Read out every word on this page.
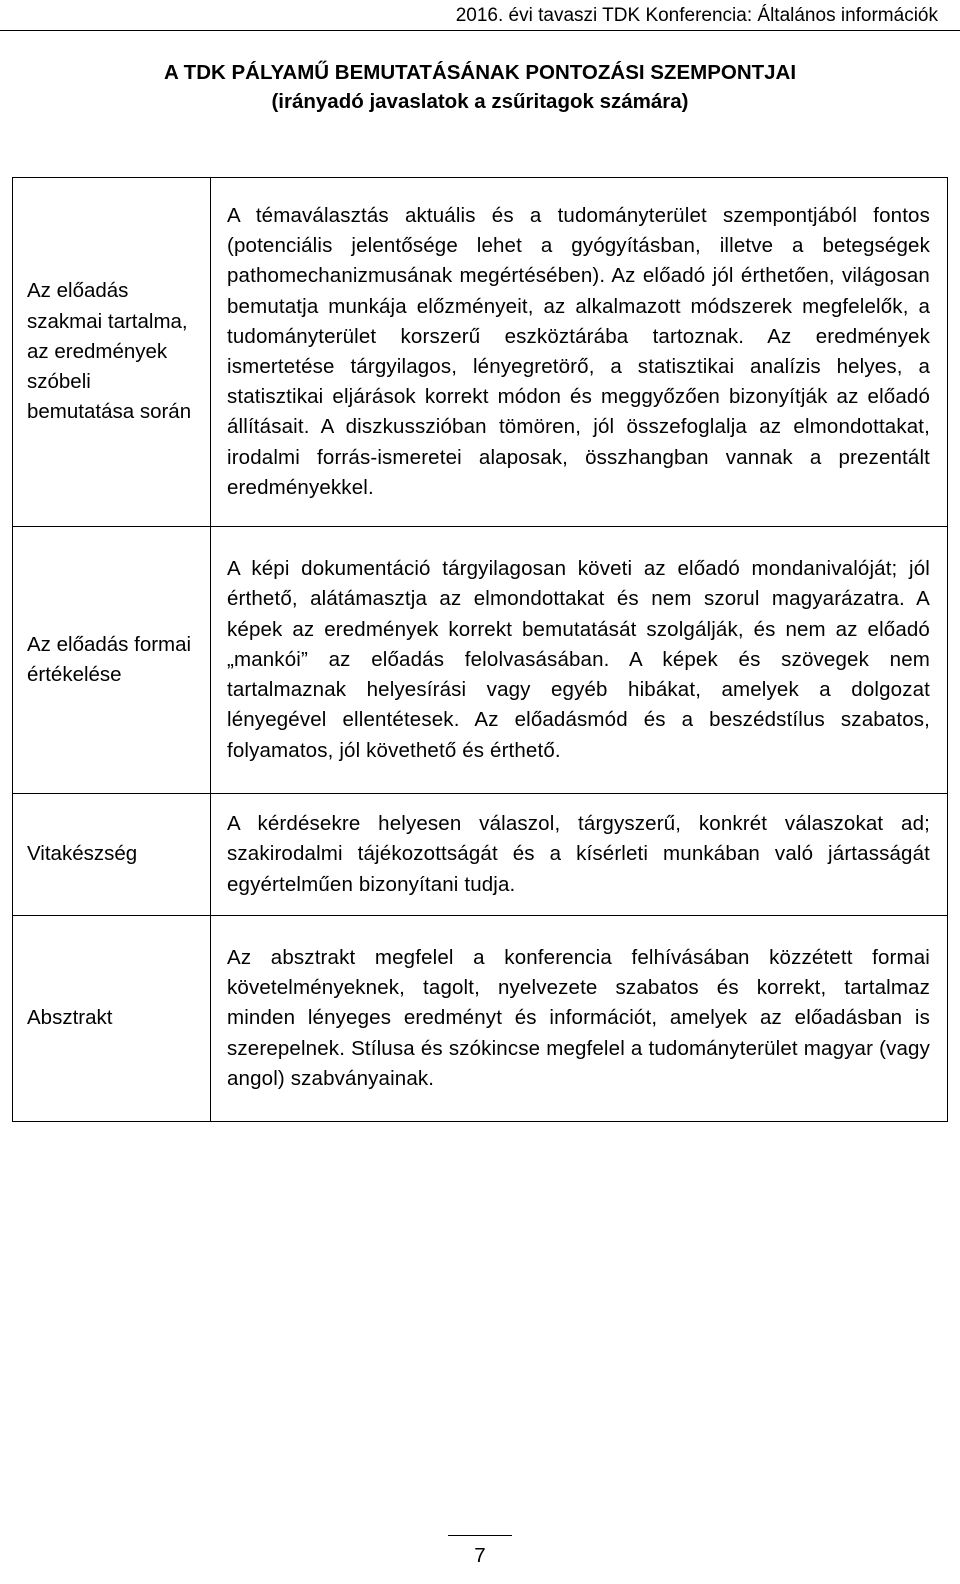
2016. évi tavaszi TDK Konferencia: Általános információk
A TDK PÁLYAMŰ BEMUTATÁSÁNAK PONTOZÁSI SZEMPONTJAI
(irányadó javaslatok a zsűritagok számára)
Az előadás szakmai tartalma, az eredmények szóbeli bemutatása során	A témaválasztás aktuális és a tudományterület szempontjából fontos (potenciális jelentősége lehet a gyógyításban, illetve a betegségek pathomechanizmusának megértésében). Az előadó jól érthetően, világosan bemutatja munkája előzményeit, az alkalmazott módszerek megfelelők, a tudományterület korszerű eszköztárába tartoznak. Az eredmények ismertetése tárgyilagos, lényegretörő, a statisztikai analízis helyes, a statisztikai eljárások korrekt módon és meggyőzően bizonyítják az előadó állításait. A diszkusszióban tömören, jól összefoglalja az elmondottakat, irodalmi forrás-ismeretei alaposak, összhangban vannak a prezentált eredményekkel.
Az előadás formai értékelése	A képi dokumentáció tárgyilagosan követi az előadó mondanivalóját; jól érthető, alátámasztja az elmondottakat és nem szorul magyarázatra. A képek az eredmények korrekt bemutatását szolgálják, és nem az előadó „mankói” az előadás felolvasásában. A képek és szövegek nem tartalmaznak helyesírási vagy egyéb hibákat, amelyek a dolgozat lényegével ellentétesek. Az előadásmód és a beszédstílus szabatos, folyamatos, jól követhető és érthető.
Vitakészség	A kérdésekre helyesen válaszol, tárgyszerű, konkrét válaszokat ad; szakirodalmi tájékozottságát és a kísérleti munkában való jártasságát egyértelműen bizonyítani tudja.
Absztrakt	Az absztrakt megfelel a konferencia felhívásában közzétett formai követelményeknek, tagolt, nyelvezete szabatos és korrekt, tartalmaz minden lényeges eredményt és információt, amelyek az előadásban is szerepelnek. Stílusa és szókincse megfelel a tudományterület magyar (vagy angol) szabványainak.
7
